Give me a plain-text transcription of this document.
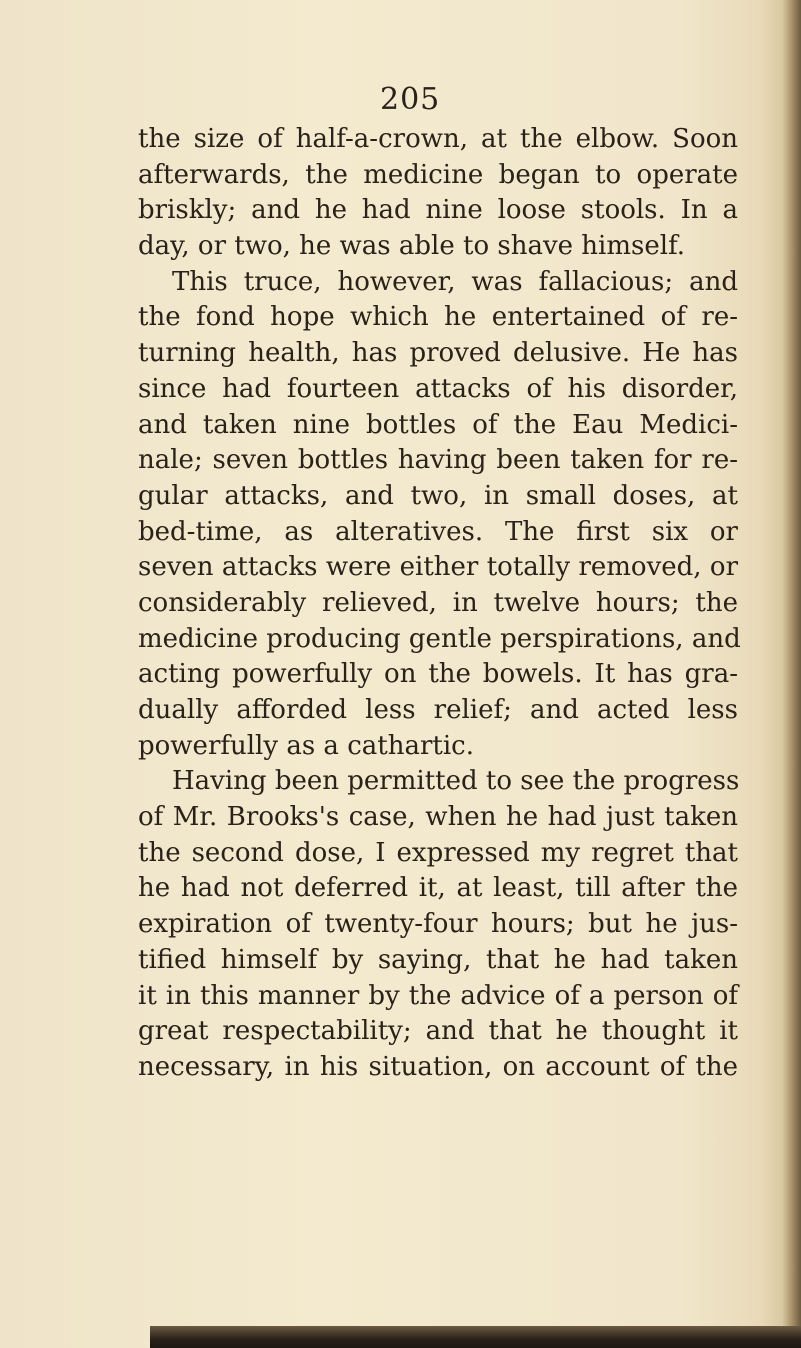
205
the size of half-a-crown, at the elbow. Soon
afterwards, the medicine began to operate
briskly; and he had nine loose stools. In a
day, or two, he was able to shave himself.
This truce, however, was fallacious; and
the fond hope which he entertained of re-
turning health, has proved delusive. He has
since had fourteen attacks of his disorder,
and taken nine bottles of the Eau Medici-
nale; seven bottles having been taken for re-
gular attacks, and two, in small doses, at
bed-time, as alteratives. The first six or
seven attacks were either totally removed, or
considerably relieved, in twelve hours; the
medicine producing gentle perspirations, and
acting powerfully on the bowels. It has gra-
dually afforded less relief; and acted less
powerfully as a cathartic.
Having been permitted to see the progress
of Mr. Brooks's case, when he had just taken
the second dose, I expressed my regret that
he had not deferred it, at least, till after the
expiration of twenty-four hours; but he jus-
tified himself by saying, that he had taken
it in this manner by the advice of a person of
great respectability; and that he thought it
necessary, in his situation, on account of the
